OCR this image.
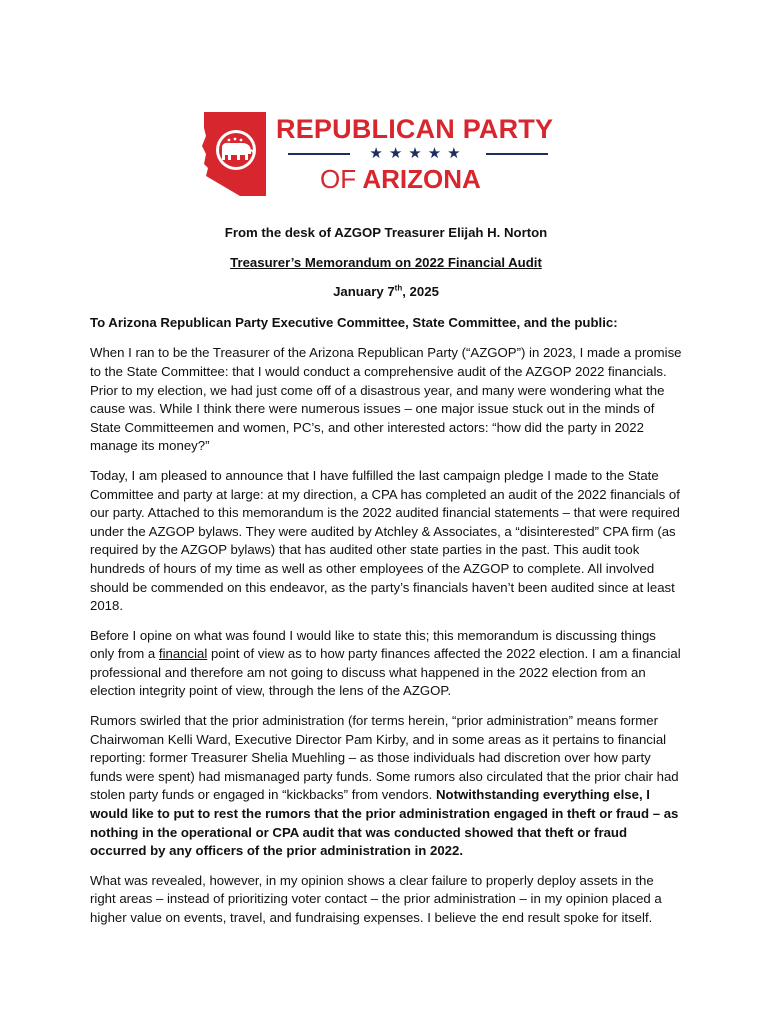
REPUBLICAN PARTY
★★★★★
OF ARIZONA
From the desk of AZGOP Treasurer Elijah H. Norton
Treasurer’s Memorandum on 2022 Financial Audit
January 7th, 2025

To Arizona Republican Party Executive Committee, State Committee, and the public:

When I ran to be the Treasurer of the Arizona Republican Party (“AZGOP”) in 2023, I made a promise to the State Committee: that I would conduct a comprehensive audit of the AZGOP 2022 financials. Prior to my election, we had just come off of a disastrous year, and many were wondering what the cause was. While I think there were numerous issues – one major issue stuck out in the minds of State Committeemen and women, PC’s, and other interested actors: “how did the party in 2022 manage its money?”

Today, I am pleased to announce that I have fulfilled the last campaign pledge I made to the State Committee and party at large: at my direction, a CPA has completed an audit of the 2022 financials of our party. Attached to this memorandum is the 2022 audited financial statements – that were required under the AZGOP bylaws. They were audited by Atchley & Associates, a “disinterested” CPA firm (as required by the AZGOP bylaws) that has audited other state parties in the past. This audit took hundreds of hours of my time as well as other employees of the AZGOP to complete. All involved should be commended on this endeavor, as the party’s financials haven’t been audited since at least 2018.

Before I opine on what was found I would like to state this; this memorandum is discussing things only from a financial point of view as to how party finances affected the 2022 election. I am a financial professional and therefore am not going to discuss what happened in the 2022 election from an election integrity point of view, through the lens of the AZGOP.

Rumors swirled that the prior administration (for terms herein, “prior administration” means former Chairwoman Kelli Ward, Executive Director Pam Kirby, and in some areas as it pertains to financial reporting: former Treasurer Shelia Muehling – as those individuals had discretion over how party funds were spent) had mismanaged party funds. Some rumors also circulated that the prior chair had stolen party funds or engaged in “kickbacks” from vendors. Notwithstanding everything else, I would like to put to rest the rumors that the prior administration engaged in theft or fraud – as nothing in the operational or CPA audit that was conducted showed that theft or fraud occurred by any officers of the prior administration in 2022.

What was revealed, however, in my opinion shows a clear failure to properly deploy assets in the right areas – instead of prioritizing voter contact – the prior administration – in my opinion placed a higher value on events, travel, and fundraising expenses. I believe the end result spoke for itself.
